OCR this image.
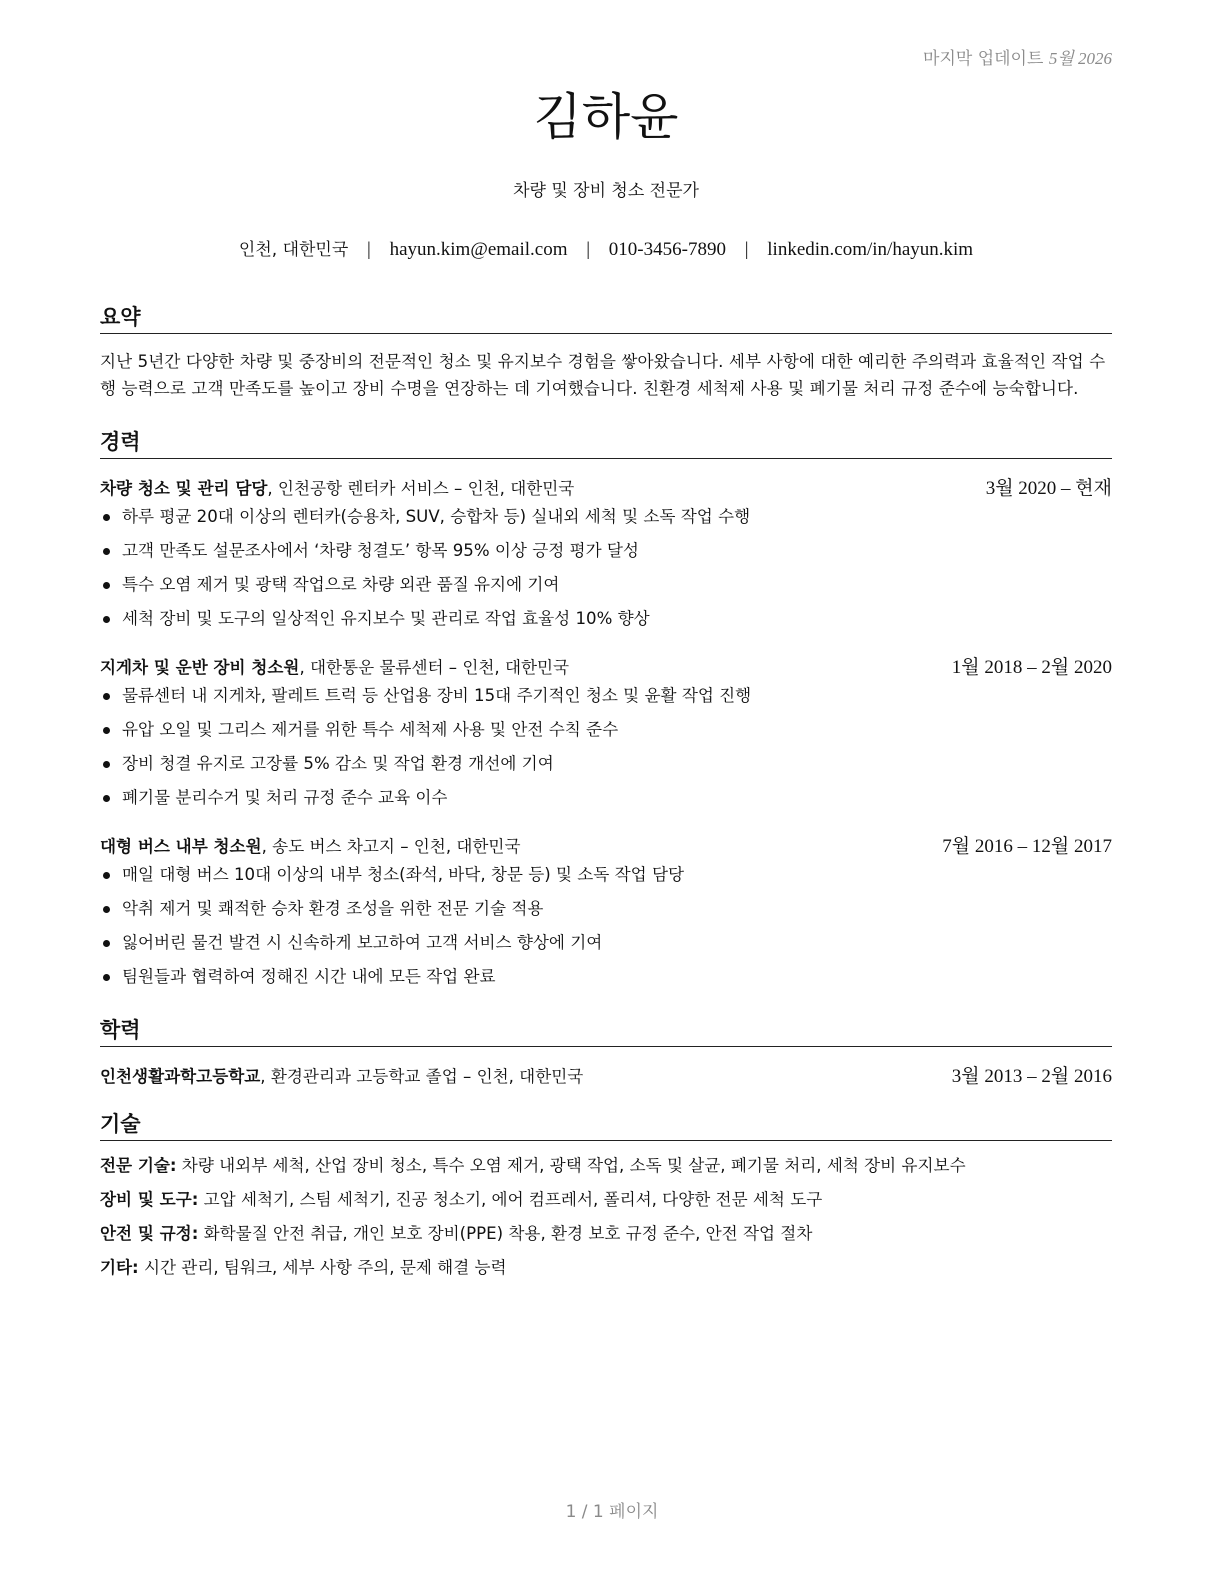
마지막 업데이트 5월 2026
김하윤
차량 및 장비 청소 전문가
인천, 대한민국 | hayun.kim@email.com | 010-3456-7890 | linkedin.com/in/hayun.kim
요약

지난 5년간 다양한 차량 및 중장비의 전문적인 청소 및 유지보수 경험을 쌓아왔습니다. 세부 사항에 대한 예리한 주의력과 효율적인 작업 수행 능력으로 고객 만족도를 높이고 장비 수명을 연장하는 데 기여했습니다. 친환경 세척제 사용 및 폐기물 처리 규정 준수에 능숙합니다.

경력
차량 청소 및 관리 담당, 인천공항 렌터카 서비스 – 인천, 대한민국	3월 2020 – 현재
하루 평균 20대 이상의 렌터카(승용차, SUV, 승합차 등) 실내외 세척 및 소독 작업 수행
고객 만족도 설문조사에서 ‘차량 청결도’ 항목 95% 이상 긍정 평가 달성
특수 오염 제거 및 광택 작업으로 차량 외관 품질 유지에 기여
세척 장비 및 도구의 일상적인 유지보수 및 관리로 작업 효율성 10% 향상
지게차 및 운반 장비 청소원, 대한통운 물류센터 – 인천, 대한민국	1월 2018 – 2월 2020
물류센터 내 지게차, 팔레트 트럭 등 산업용 장비 15대 주기적인 청소 및 윤활 작업 진행
유압 오일 및 그리스 제거를 위한 특수 세척제 사용 및 안전 수칙 준수
장비 청결 유지로 고장률 5% 감소 및 작업 환경 개선에 기여
폐기물 분리수거 및 처리 규정 준수 교육 이수
대형 버스 내부 청소원, 송도 버스 차고지 – 인천, 대한민국	7월 2016 – 12월 2017
매일 대형 버스 10대 이상의 내부 청소(좌석, 바닥, 창문 등) 및 소독 작업 담당
악취 제거 및 쾌적한 승차 환경 조성을 위한 전문 기술 적용
잃어버린 물건 발견 시 신속하게 보고하여 고객 서비스 향상에 기여
팀원들과 협력하여 정해진 시간 내에 모든 작업 완료
학력
인천생활과학고등학교, 환경관리과 고등학교 졸업 – 인천, 대한민국	3월 2013 – 2월 2016
기술
전문 기술: 차량 내외부 세척, 산업 장비 청소, 특수 오염 제거, 광택 작업, 소독 및 살균, 폐기물 처리, 세척 장비 유지보수
장비 및 도구: 고압 세척기, 스팀 세척기, 진공 청소기, 에어 컴프레서, 폴리셔, 다양한 전문 세척 도구
안전 및 규정: 화학물질 안전 취급, 개인 보호 장비(PPE) 착용, 환경 보호 규정 준수, 안전 작업 절차
기타: 시간 관리, 팀워크, 세부 사항 주의, 문제 해결 능력
1 / 1 페이지
